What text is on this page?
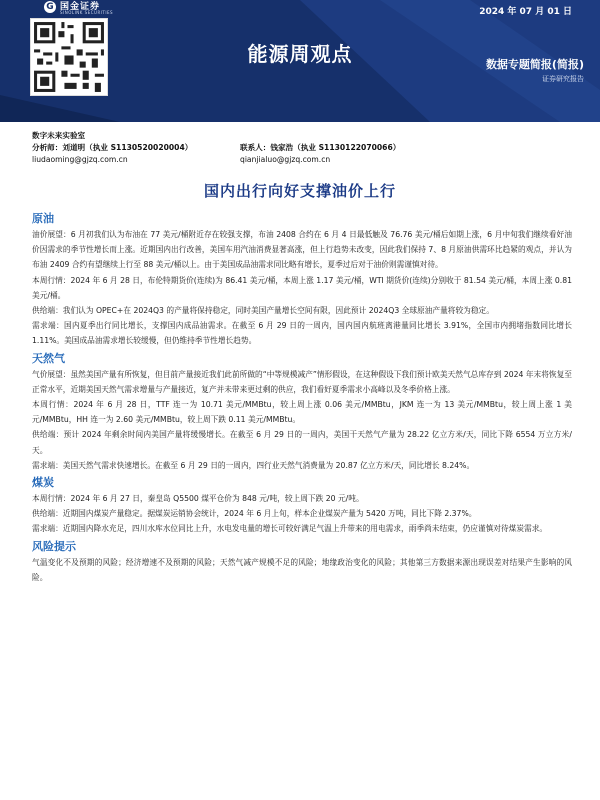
G 国金证券
SINOLINK SECURITIES	2024 年 07 月 01 日
能源周观点	数据专题简报(简报)
证券研究报告
数字未来实验室
分析师：刘道明（执业 S1130520020004）	联系人：钱家浩（执业 S1130122070066）
liudaoming@gjzq.com.cn	qianjialuo@gjzq.com.cn
国内出行向好支撑油价上行
原油

油价展望：6 月初我们认为布油在 77 美元/桶附近存在较强支撑，布油 2408 合约在 6 月 4 日最低触及 76.76 美元/桶后如期上涨，6 月中旬我们继续看好油价因需求的季节性增长而上涨。近期国内出行改善，美国车用汽油消费显著高涨，但上行趋势未改变，因此我们保持 7、8 月原油供需环比趋紧的观点，并认为布油 2409 合约有望继续上行至 88 美元/桶以上。由于美国成品油需求同比略有增长，夏季过后对于油价则需谨慎对待。

本周行情：2024 年 6 月 28 日，布伦特期货价(连续)为 86.41 美元/桶，本周上涨 1.17 美元/桶，WTI 期货价(连续)分别收于 81.54 美元/桶，本周上涨 0.81 美元/桶。

供给端：我们认为 OPEC+在 2024Q3 的产量将保持稳定，同时美国产量增长空间有限，因此预计 2024Q3 全球原油产量将较为稳定。

需求端：国内夏季出行同比增长，支撑国内成品油需求。在截至 6 月 29 日的一周内，国内国内航班离港量同比增长 3.91%，全国市内拥堵指数同比增长 1.11%。美国成品油需求增长较缓慢，但仍维持季节性增长趋势。

天然气

气价展望：虽然美国产量有所恢复，但目前产量接近我们此前所做的“中等规模减产”情形假设，在这种假设下我们预计欧美天然气总库存到 2024 年末将恢复至正常水平，近期美国天然气需求增量与产量接近，复产并未带来更过剩的供应，我们看好夏季需求小高峰以及冬季价格上涨。

本周行情：2024 年 6 月 28 日，TTF 连一为 10.71 美元/MMBtu，较上周上涨 0.06 美元/MMBtu，JKM 连一为 13 美元/MMBtu，较上周上涨 1 美元/MMBtu，HH 连一为 2.60 美元/MMBtu，较上周下跌 0.11 美元/MMBtu。

供给端：预计 2024 年剩余时间内美国产量将缓慢增长。在截至 6 月 29 日的一周内，美国干天然气产量为 28.22 亿立方米/天，同比下降 6554 万立方米/天。

需求端：美国天然气需求快速增长。在截至 6 月 29 日的一周内，四行业天然气消费量为 20.87 亿立方米/天，同比增长 8.24%。

煤炭

本周行情：2024 年 6 月 27 日，秦皇岛 Q5500 煤平仓价为 848 元/吨，较上周下跌 20 元/吨。

供给端：近期国内煤炭产量稳定。据煤炭运销协会统计，2024 年 6 月上旬，样本企业煤炭产量为 5420 万吨，同比下降 2.37%。

需求端：近期国内降水充足，四川水库水位同比上升，水电发电量的增长可较好满足气温上升带来的用电需求，雨季尚未结束，仍应谨慎对待煤炭需求。

风险提示

气温变化不及预期的风险；经济增速不及预期的风险；天然气减产规模不足的风险；地缘政治变化的风险；其他第三方数据来源出现误差对结果产生影响的风险。
